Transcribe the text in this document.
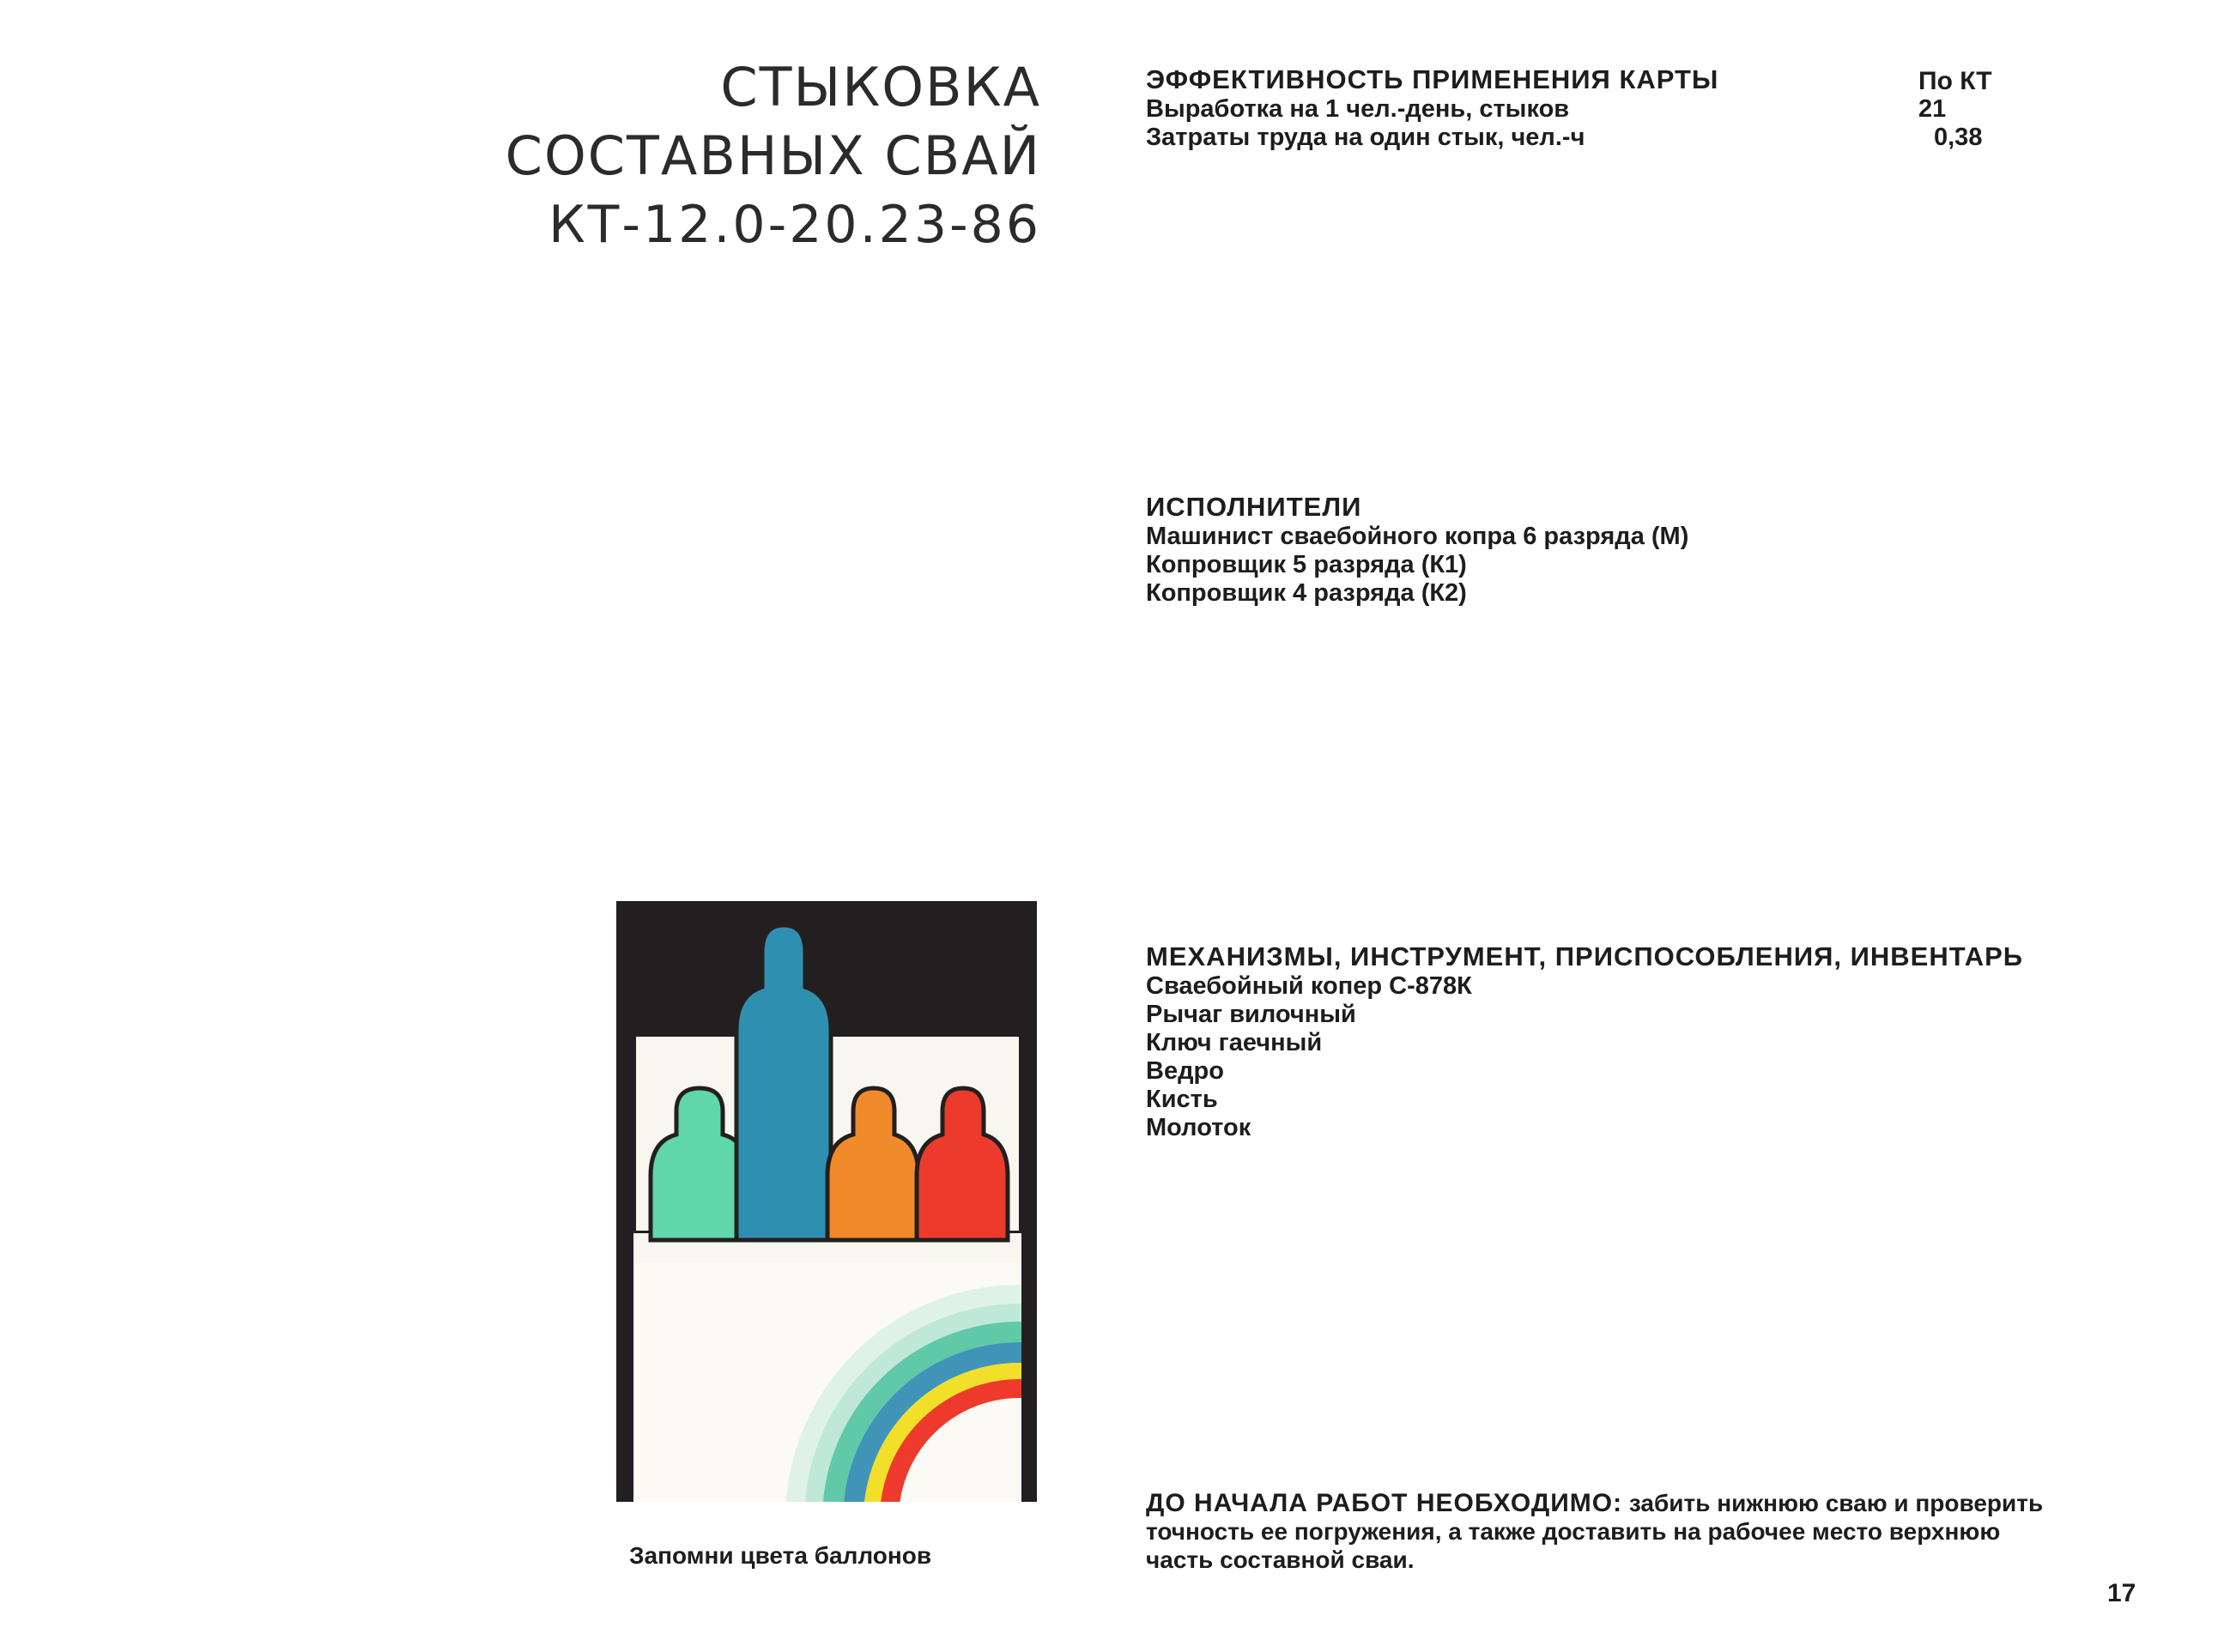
СТЫКОВКА
СОСТАВНЫХ СВАЙ
КТ-12.0-20.23-86
ЭФФЕКТИВНОСТЬ ПРИМЕНЕНИЯ КАРТЫ
Выработка на 1 чел.-день, стыков
Затраты труда на один стык, чел.-ч
По КТ
21
0,38
ИСПОЛНИТЕЛИ
Машинист сваебойного копра 6 разряда (М)
Копровщик 5 разряда (К1)
Копровщик 4 разряда (К2)
МЕХАНИЗМЫ, ИНСТРУМЕНТ, ПРИСПОСОБЛЕНИЯ, ИНВЕНТАРЬ
Сваебойный копер С-878К
Рычаг вилочный
Ключ гаечный
Ведро
Кисть
Молоток
Запомни цвета баллонов
ДО НАЧАЛА РАБОТ НЕОБХОДИМО: забить нижнюю сваю и проверить точность ее погружения, а также доставить на рабочее место верхнюю часть составной сваи.
17
